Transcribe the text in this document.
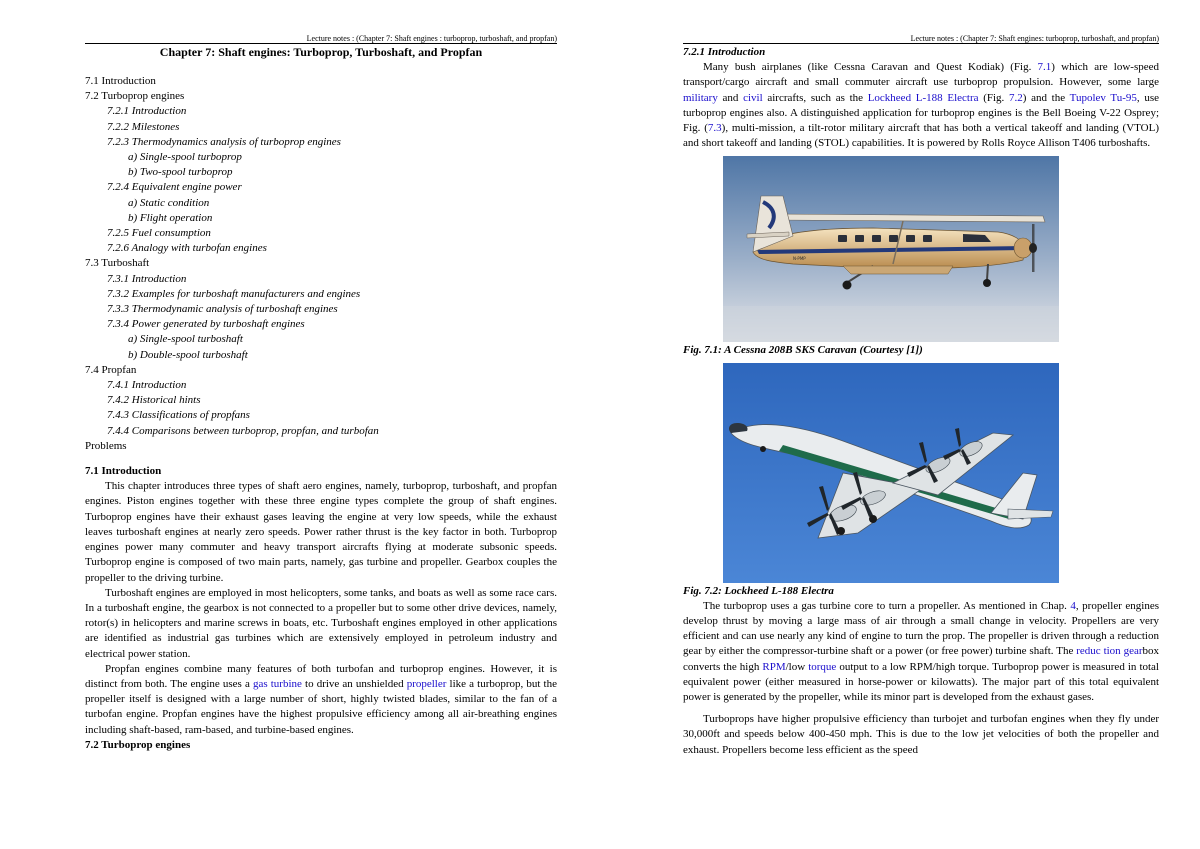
Lecture notes : (Chapter 7: Shaft engines : turboprop, turboshaft, and propfan)
Chapter 7: Shaft engines: Turboprop, Turboshaft, and Propfan
7.1 Introduction
7.2 Turboprop engines
7.2.1 Introduction
7.2.2 Milestones
7.2.3 Thermodynamics analysis of turboprop engines
a) Single-spool turboprop
b) Two-spool turboprop
7.2.4 Equivalent engine power
a) Static condition
b) Flight operation
7.2.5 Fuel consumption
7.2.6 Analogy with turbofan engines
7.3 Turboshaft
7.3.1 Introduction
7.3.2 Examples for turboshaft manufacturers and engines
7.3.3 Thermodynamic analysis of turboshaft engines
7.3.4 Power generated by turboshaft engines
a) Single-spool turboshaft
b) Double-spool turboshaft
7.4 Propfan
7.4.1 Introduction
7.4.2 Historical hints
7.4.3 Classifications of propfans
7.4.4 Comparisons between turboprop, propfan, and turbofan
Problems
7.1 Introduction

This chapter introduces three types of shaft aero engines, namely, turboprop, turboshaft, and propfan engines. Piston engines together with these three engine types complete the group of shaft engines. Turboprop engines have their exhaust gases leaving the engine at very low speeds, while the exhaust leaves turboshaft engines at nearly zero speeds. Power rather thrust is the key factor in both. Turboprop engines power many commuter and heavy transport aircrafts flying at moderate subsonic speeds. Turboprop engine is composed of two main parts, namely, gas turbine and propeller. Gearbox couples the propeller to the driving turbine.

Turboshaft engines are employed in most helicopters, some tanks, and boats as well as some race cars. In a turboshaft engine, the gearbox is not connected to a propeller but to some other drive devices, namely, rotor(s) in helicopters and marine screws in boats, etc. Turboshaft engines employed in other applications are identified as industrial gas turbines which are extensively employed in petroleum industry and electrical power station.

Propfan engines combine many features of both turbofan and turboprop engines. However, it is distinct from both. The engine uses a gas turbine to drive an unshielded propeller like a turboprop, but the propeller itself is designed with a large number of short, highly twisted blades, similar to the fan of a turbofan engine. Propfan engines have the highest propulsive efficiency among all air-breathing engines including shaft-based, ram-based, and turbine-based engines.

7.2 Turboprop engines
Lecture notes : (Chapter 7: Shaft engines: turboprop, turboshaft, and propfan)
7.2.1 Introduction

Many bush airplanes (like Cessna Caravan and Quest Kodiak) (Fig. 7.1) which are low-speed transport/cargo aircraft and small commuter aircraft use turboprop propulsion. However, some large military and civil aircrafts, such as the Lockheed L-188 Electra (Fig. 7.2) and the Tupolev Tu-95, use turboprop engines also. A distinguished application for turboprop engines is the Bell Boeing V-22 Osprey; Fig. (7.3), multi-mission, a tilt-rotor military aircraft that has both a vertical takeoff and landing (VTOL) and short takeoff and landing (STOL) capabilities. It is powered by Rolls Royce Allison T406 turboshafts.

N-PMP
Fig. 7.1: A Cessna 208B SKS Caravan (Courtesy [1])
Fig. 7.2: Lockheed L-188 Electra

The turboprop uses a gas turbine core to turn a propeller. As mentioned in Chap. 4, propeller engines develop thrust by moving a large mass of air through a small change in velocity. Propellers are very efficient and can use nearly any kind of engine to turn the prop. The propeller is driven through a reduction gear by either the compressor-turbine shaft or a power (or free power) turbine shaft. The reduc tion gearbox converts the high RPM/low torque output to a low RPM/high torque. Turboprop power is measured in total equivalent power (either measured in horse-power or kilowatts). The major part of this total equivalent power is generated by the propeller, while its minor part is developed from the exhaust gases.

Turboprops have higher propulsive efficiency than turbojet and turbofan engines when they fly under 30,000ft and speeds below 400-450 mph. This is due to the low jet velocities of both the propeller and exhaust. Propellers become less efficient as the speed
